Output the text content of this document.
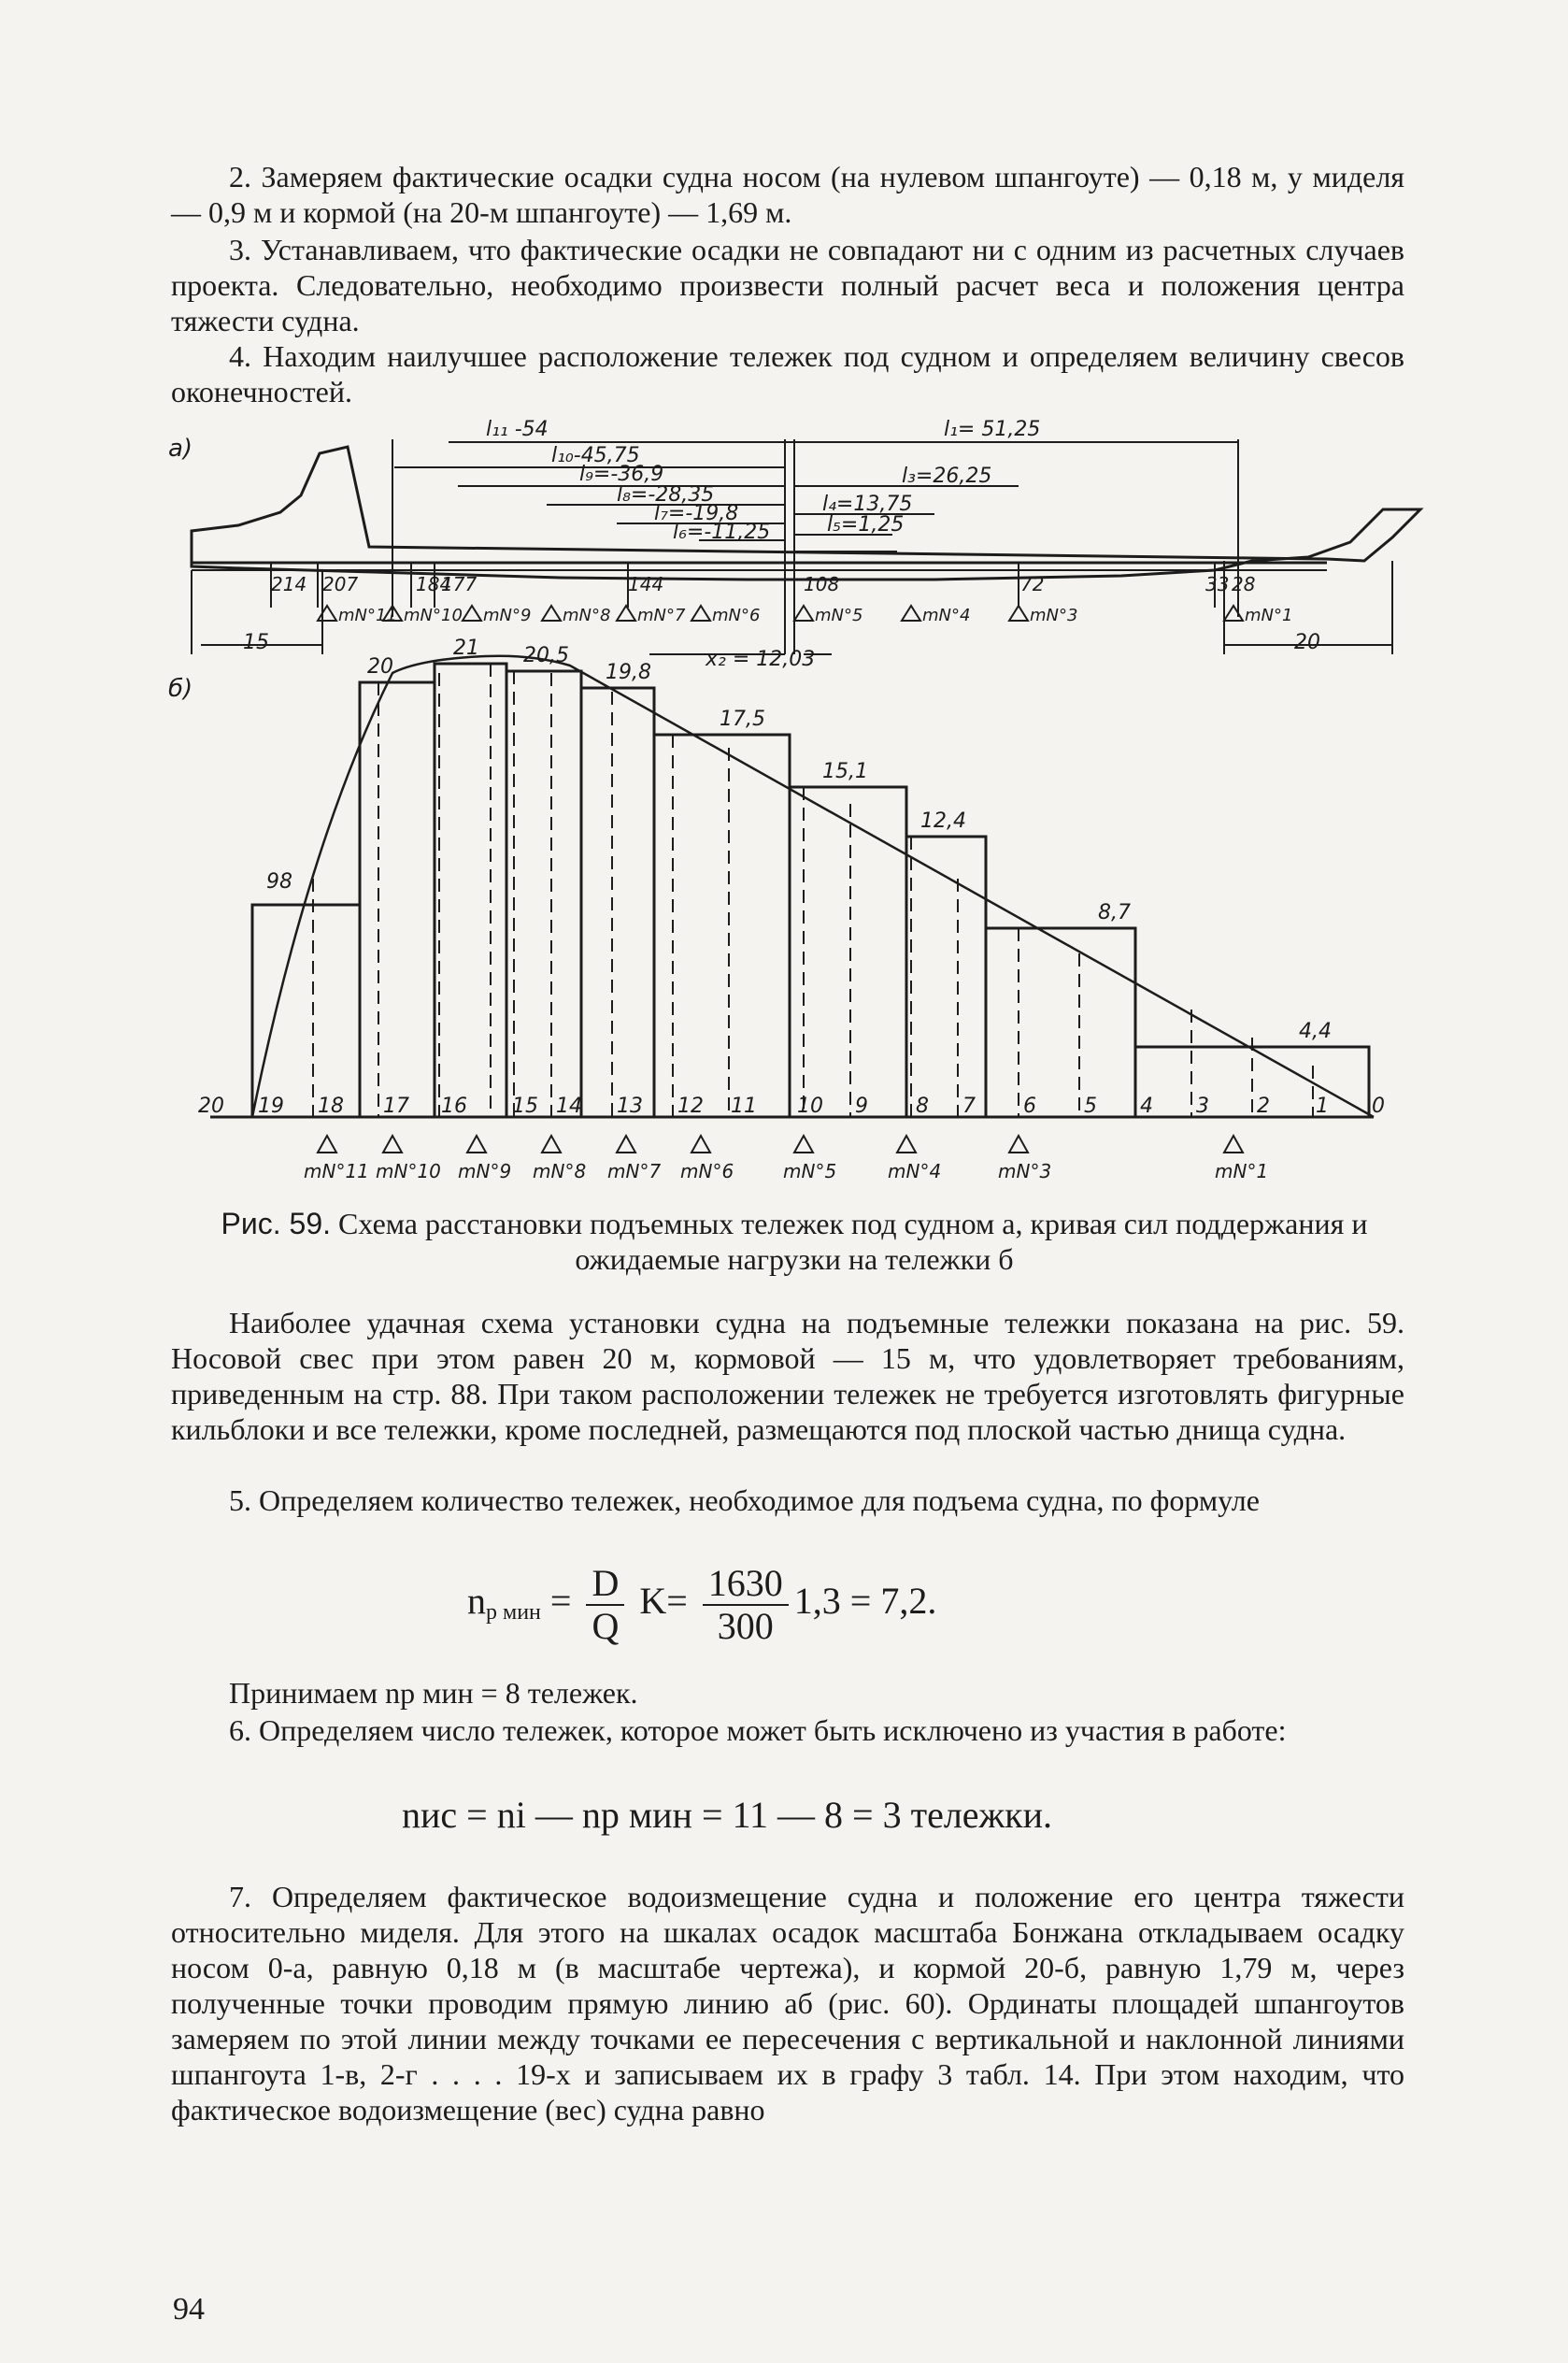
2. Замеряем фактические осадки судна носом (на нулевом шпангоуте) — 0,18 м, у миделя — 0,9 м и кормой (на 20-м шпангоуте) — 1,69 м.

3. Устанавливаем, что фактические осадки не совпадают ни с одним из расчетных случаев проекта. Следовательно, необходимо произвести полный расчет веса и положения центра тяжести судна.

4. Находим наилучшее расположение тележек под судном и определяем величину свесов оконечностей.

a)
б)
l₁₁ -54
l₁₀-45,75
l₉=-36,9
l₈=-28,35
l₇=-19,8
l₆=-11,25
l₁= 51,25
l₃=26,25
l₄=13,75
l₅=1,25
x₂ = 12,03
15	20
214 207	184
177	144	108	72	33 28
mN°11 mN°10 mN°9 mN°8 mN°7 mN°6	mN°5	mN°4	mN°3	mN°1
98
20
21 20,5
19,8
17,5
15,1
12,4
8,7
4,4
20 19 18 17 16 15 14 13 12 11 10 9 8 7 6 5 4 3 2 1 0
mN°11 mN°10 mN°9 mN°8 mN°7 mN°6	mN°5	mN°4	mN°3	mN°1

Рис. 59. Схема расстановки подъемных тележек под судном а, кривая сил поддержания и ожидаемые нагрузки на тележки б

Наиболее удачная схема установки судна на подъемные тележки показана на рис. 59. Носовой свес при этом равен 20 м, кормовой — 15 м, что удовлетворяет требованиям, приведенным на стр. 88. При таком расположении тележек не требуется изготовлять фигурные кильблоки и все тележки, кроме последней, размещаются под плоской частью днища судна.

5. Определяем количество тележек, необходимое для подъема судна, по формуле

$n_{р мин} = \frac{D}{Q} K= \frac{1630}{300} 1,3 = 7,2$.

Принимаем nр мин = 8 тележек.

6. Определяем число тележек, которое может быть исключено из участия в работе:

nис = ni — nр мин = 11 — 8 = 3 тележки.

7. Определяем фактическое водоизмещение судна и положение его центра тяжести относительно миделя. Для этого на шкалах осадок масштаба Бонжана откладываем осадку носом 0-а, равную 0,18 м (в масштабе чертежа), и кормой 20-б, равную 1,79 м, через полученные точки проводим прямую линию аб (рис. 60). Ординаты площадей шпангоутов замеряем по этой линии между точками ее пересечения с вертикальной и наклонной линиями шпангоута 1-в, 2-г . . . . 19-х и записываем их в графу 3 табл. 14. При этом находим, что фактическое водоизмещение (вес) судна равно

94
